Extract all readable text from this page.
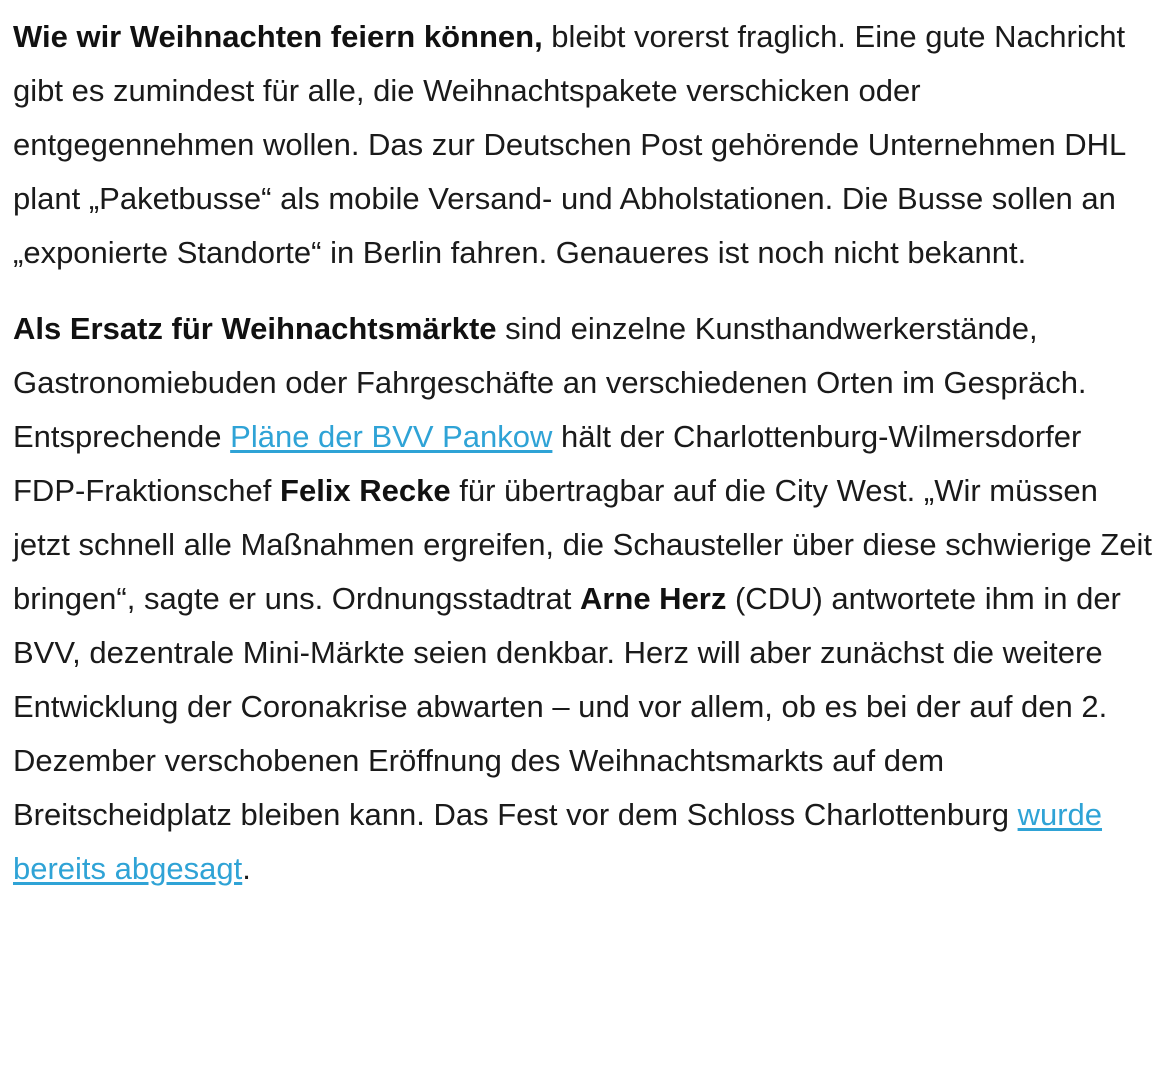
Wie wir Weihnachten feiern können, bleibt vorerst fraglich. Eine gute Nachricht gibt es zumindest für alle, die Weihnachtspakete verschicken oder entgegennehmen wollen. Das zur Deutschen Post gehörende Unternehmen DHL plant „Paketbusse“ als mobile Versand- und Abholstationen. Die Busse sollen an „exponierte Standorte“ in Berlin fahren. Genaueres ist noch nicht bekannt.

Als Ersatz für Weihnachtsmärkte sind einzelne Kunsthandwerkerstände, Gastronomiebuden oder Fahrgeschäfte an verschiedenen Orten im Gespräch. Entsprechende Pläne der BVV Pankow hält der Charlottenburg-Wilmersdorfer FDP-Fraktionschef Felix Recke für übertragbar auf die City West. „Wir müssen jetzt schnell alle Maßnahmen ergreifen, die Schausteller über diese schwierige Zeit bringen“, sagte er uns. Ordnungsstadtrat Arne Herz (CDU) antwortete ihm in der BVV, dezentrale Mini-Märkte seien denkbar. Herz will aber zunächst die weitere Entwicklung der Coronakrise abwarten – und vor allem, ob es bei der auf den 2. Dezember verschobenen Eröffnung des Weihnachtsmarkts auf dem Breitscheidplatz bleiben kann. Das Fest vor dem Schloss Charlottenburg wurde bereits abgesagt.
